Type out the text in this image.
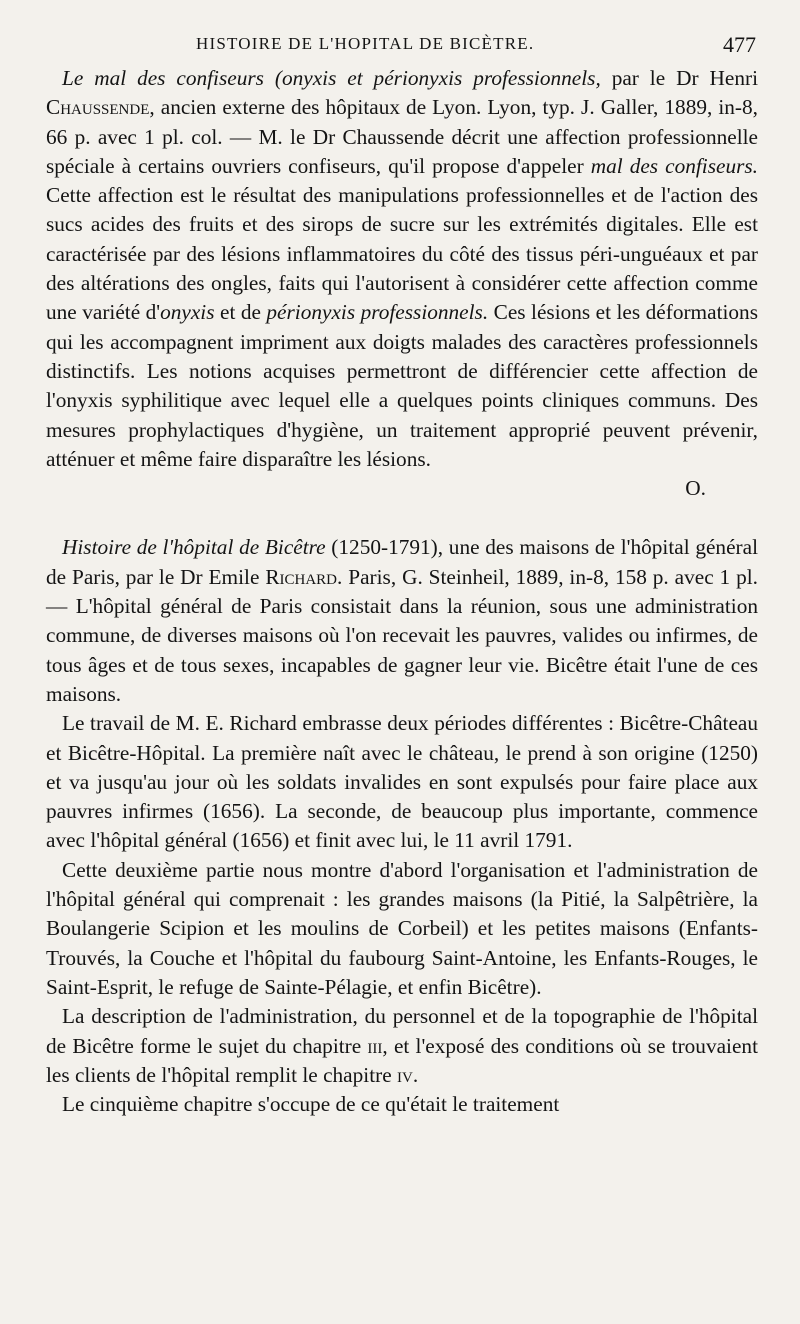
HISTOIRE DE L'HOPITAL DE BICÈTRE.	477

Le mal des confiseurs (onyxis et périonyxis professionnels, par le Dr Henri Chaussende, ancien externe des hôpitaux de Lyon. Lyon, typ. J. Galler, 1889, in-8, 66 p. avec 1 pl. col. — M. le Dr Chaussende décrit une affection professionnelle spéciale à certains ouvriers confiseurs, qu'il propose d'appeler mal des confiseurs. Cette affection est le résultat des manipulations professionnelles et de l'action des sucs acides des fruits et des sirops de sucre sur les extrémités digitales. Elle est caractérisée par des lésions inflammatoires du côté des tissus péri-unguéaux et par des altérations des ongles, faits qui l'autorisent à considérer cette affection comme une variété d'onyxis et de périonyxis professionnels. Ces lésions et les déformations qui les accompagnent impriment aux doigts malades des caractères professionnels distinctifs. Les notions acquises permettront de différencier cette affection de l'onyxis syphilitique avec lequel elle a quelques points cliniques communs. Des mesures prophylactiques d'hygiène, un traitement approprié peuvent prévenir, atténuer et même faire disparaître les lésions.

O.

Histoire de l'hôpital de Bicêtre (1250-1791), une des maisons de l'hôpital général de Paris, par le Dr Emile Richard. Paris, G. Steinheil, 1889, in-8, 158 p. avec 1 pl. — L'hôpital général de Paris consistait dans la réunion, sous une administration commune, de diverses maisons où l'on recevait les pauvres, valides ou infirmes, de tous âges et de tous sexes, incapables de gagner leur vie. Bicêtre était l'une de ces maisons.

Le travail de M. E. Richard embrasse deux périodes différentes : Bicêtre-Château et Bicêtre-Hôpital. La première naît avec le château, le prend à son origine (1250) et va jusqu'au jour où les soldats invalides en sont expulsés pour faire place aux pauvres infirmes (1656). La seconde, de beaucoup plus importante, commence avec l'hôpital général (1656) et finit avec lui, le 11 avril 1791.

Cette deuxième partie nous montre d'abord l'organisation et l'administration de l'hôpital général qui comprenait : les grandes maisons (la Pitié, la Salpêtrière, la Boulangerie Scipion et les moulins de Corbeil) et les petites maisons (Enfants-Trouvés, la Couche et l'hôpital du faubourg Saint-Antoine, les Enfants-Rouges, le Saint-Esprit, le refuge de Sainte-Pélagie, et enfin Bicêtre).

La description de l'administration, du personnel et de la topographie de l'hôpital de Bicêtre forme le sujet du chapitre iii, et l'exposé des conditions où se trouvaient les clients de l'hôpital remplit le chapitre iv.

Le cinquième chapitre s'occupe de ce qu'était le traitement
